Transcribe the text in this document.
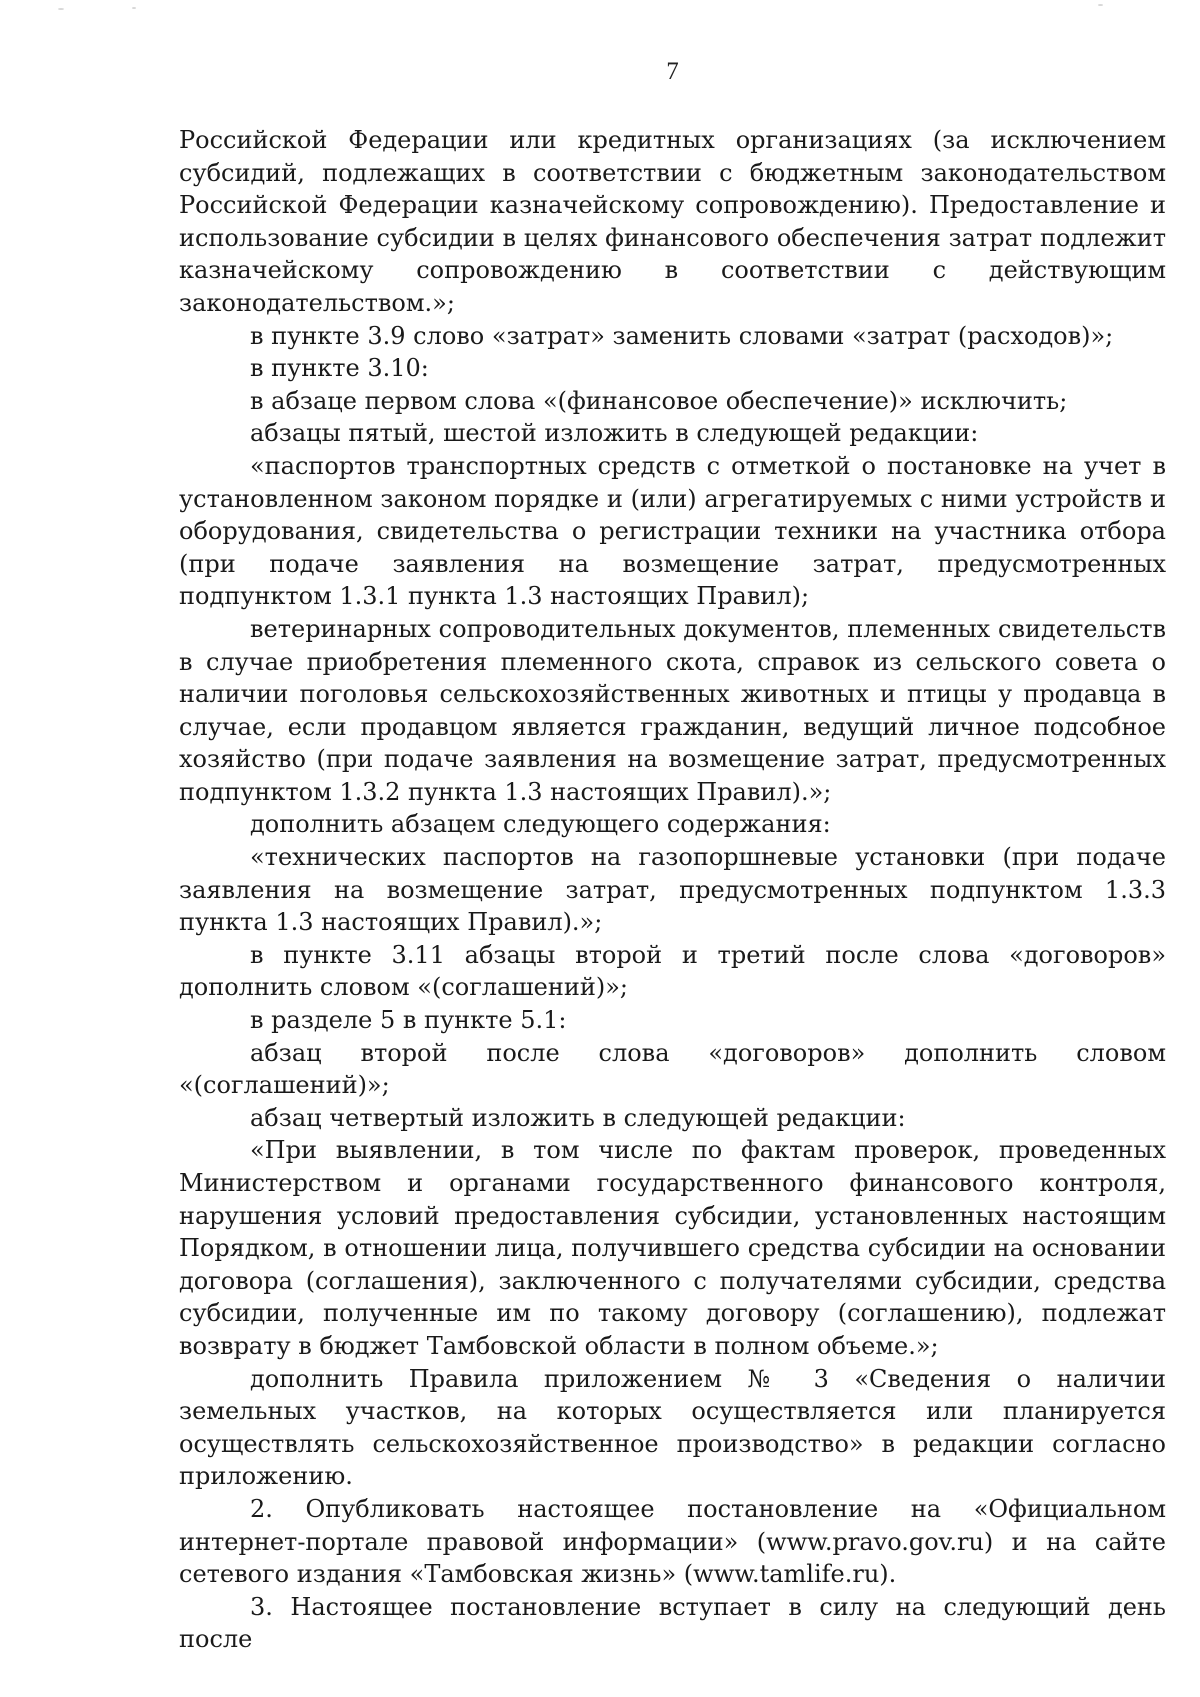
7

Российской Федерации или кредитных организациях (за исключением субсидий, подлежащих в соответствии с бюджетным законодательством Российской Федерации казначейскому сопровождению). Предоставление и использование субсидии в целях финансового обеспечения затрат подлежит казначейскому сопровождению в соответствии с действующим законодательством.»;

в пункте 3.9 слово «затрат» заменить словами «затрат (расходов)»;

в пункте 3.10:

в абзаце первом слова «(финансовое обеспечение)» исключить;

абзацы пятый, шестой изложить в следующей редакции:

«паспортов транспортных средств с отметкой о постановке на учет в установленном законом порядке и (или) агрегатируемых с ними устройств и оборудования, свидетельства о регистрации техники на участника отбора (при подаче заявления на возмещение затрат, предусмотренных подпунктом 1.3.1 пункта 1.3 настоящих Правил);

ветеринарных сопроводительных документов, племенных свидетельств в случае приобретения племенного скота, справок из сельского совета о наличии поголовья сельскохозяйственных животных и птицы у продавца в случае, если продавцом является гражданин, ведущий личное подсобное хозяйство (при подаче заявления на возмещение затрат, предусмотренных подпунктом 1.3.2 пункта 1.3 настоящих Правил).»;

дополнить абзацем следующего содержания:

«технических паспортов на газопоршневые установки (при подаче заявления на возмещение затрат, предусмотренных подпунктом 1.3.3 пункта 1.3 настоящих Правил).»;

в пункте 3.11 абзацы второй и третий после слова «договоров» дополнить словом «(соглашений)»;

в разделе 5 в пункте 5.1:

абзац второй после слова «договоров» дополнить словом «(соглашений)»;

абзац четвертый изложить в следующей редакции:

«При выявлении, в том числе по фактам проверок, проведенных Министерством и органами государственного финансового контроля, нарушения условий предоставления субсидии, установленных настоящим Порядком, в отношении лица, получившего средства субсидии на основании договора (соглашения), заключенного с получателями субсидии, средства субсидии, полученные им по такому договору (соглашению), подлежат возврату в бюджет Тамбовской области в полном объеме.»;

дополнить Правила приложением № 3 «Сведения о наличии земельных участков, на которых осуществляется или планируется осуществлять сельскохозяйственное производство» в редакции согласно приложению.

2. Опубликовать настоящее постановление на «Официальном интернет-портале правовой информации» (www.pravo.gov.ru) и на сайте сетевого издания «Тамбовская жизнь» (www.tamlife.ru).

3. Настоящее постановление вступает в силу на следующий день после
